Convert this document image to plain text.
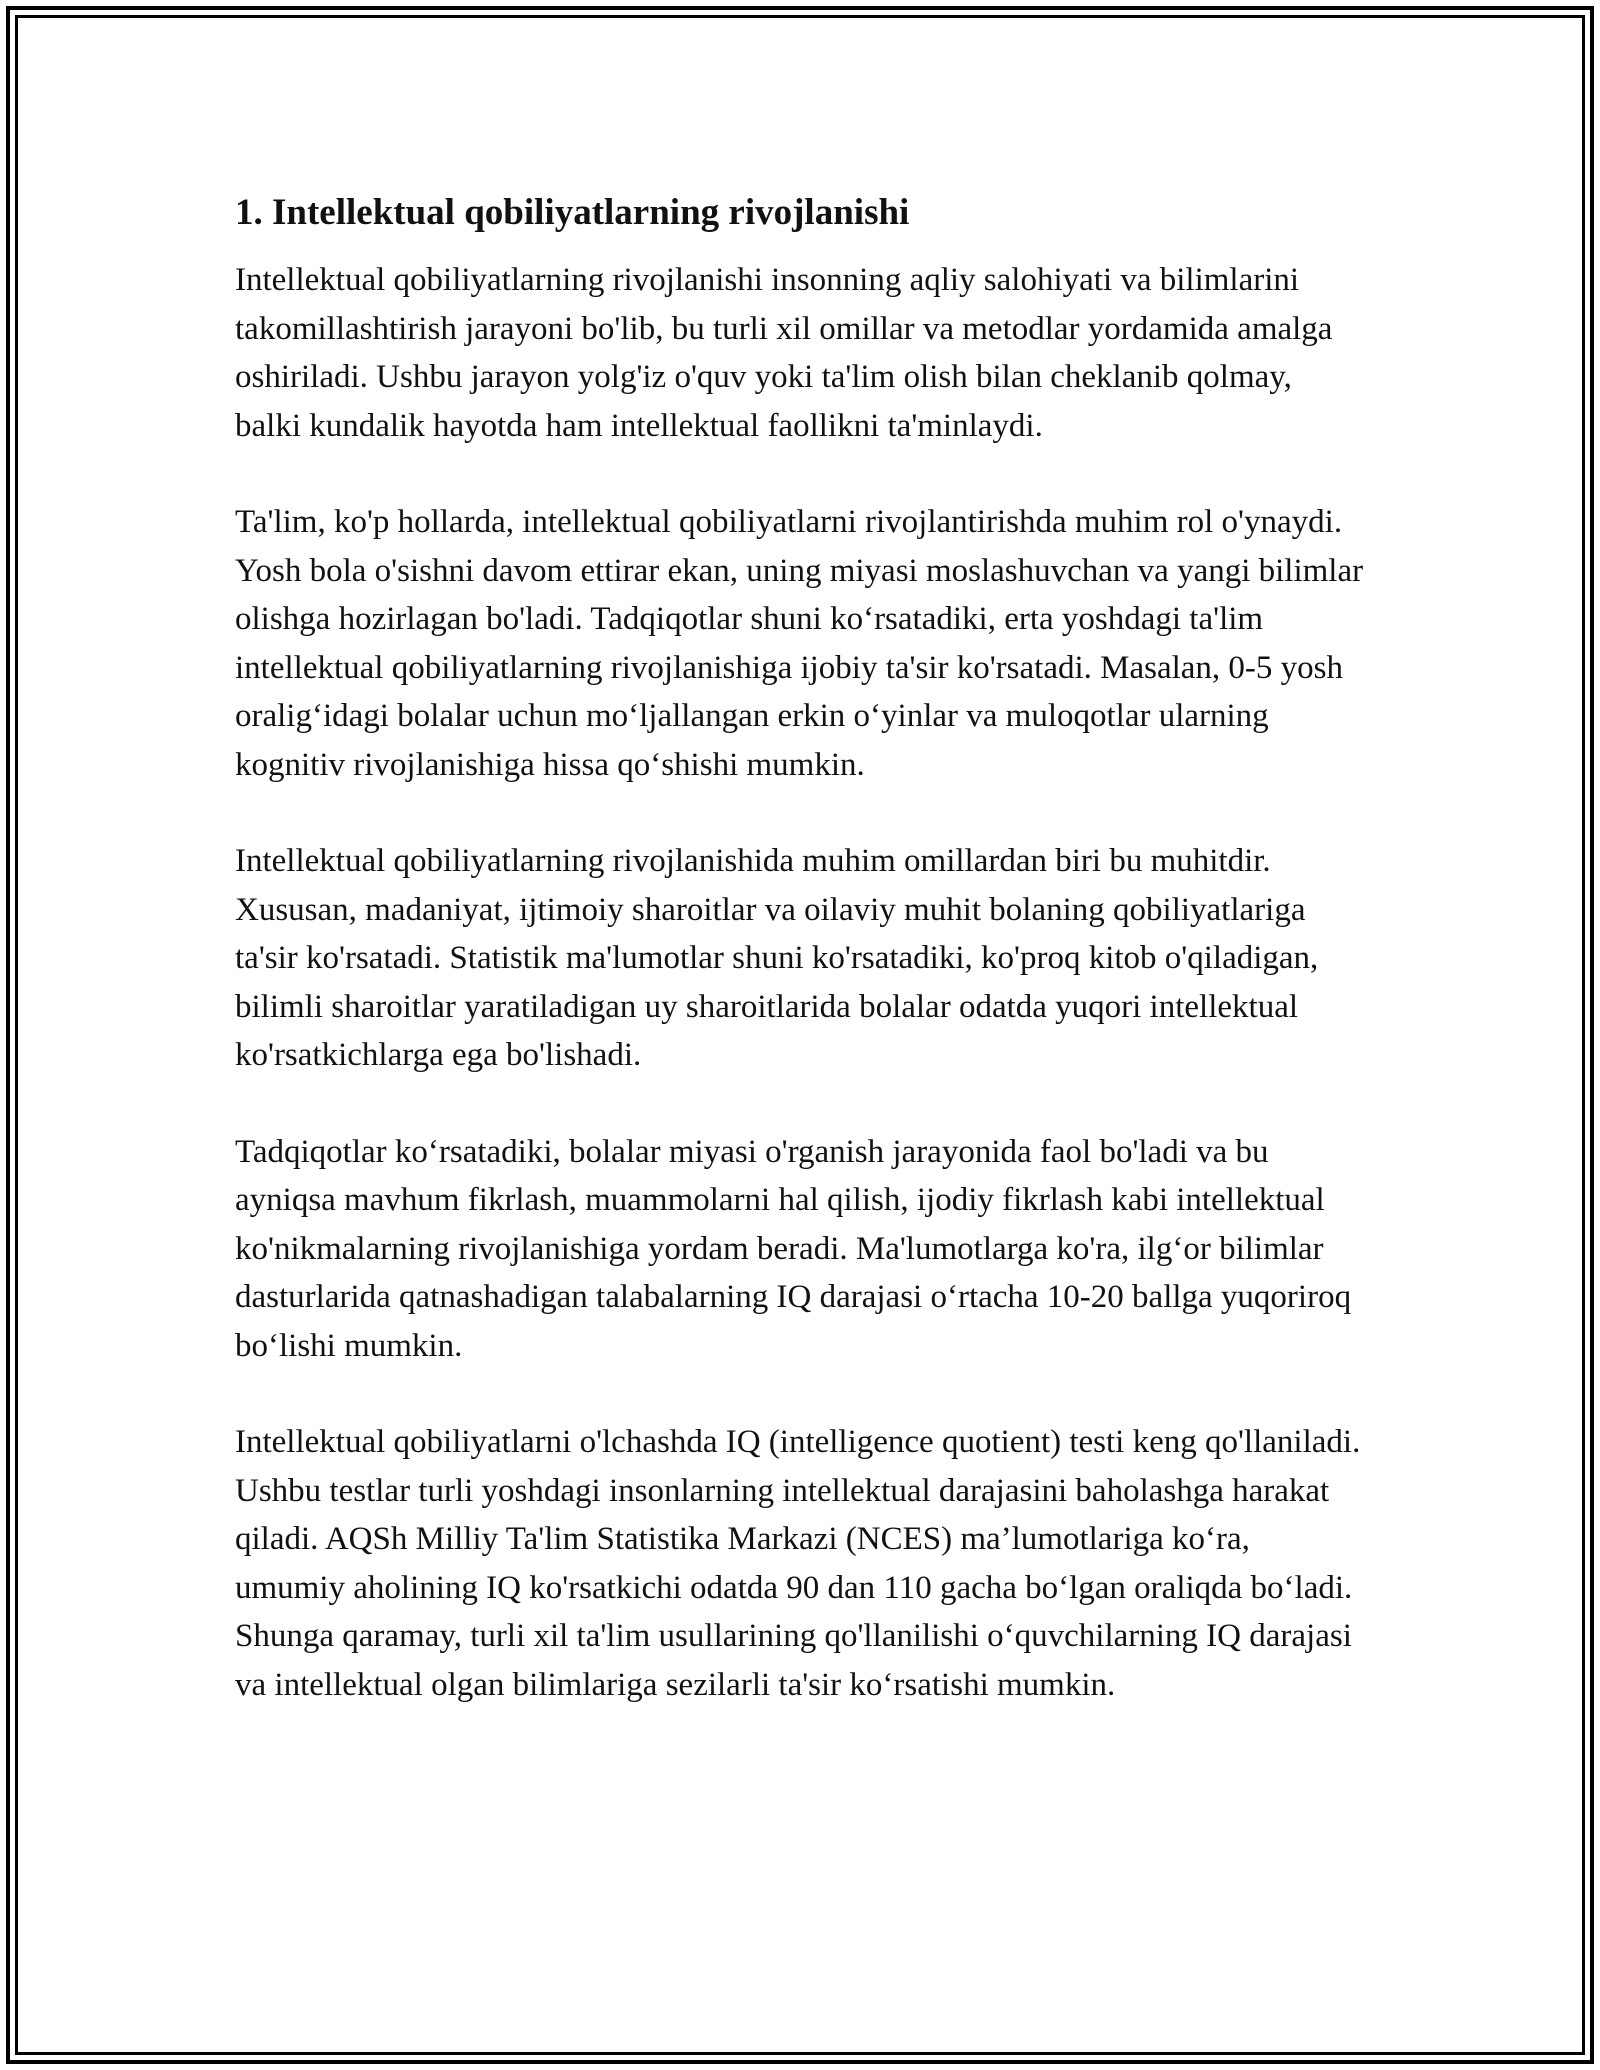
1. Intellektual qobiliyatlarning rivojlanishi

Intellektual qobiliyatlarning rivojlanishi insonning aqliy salohiyati va bilimlarini takomillashtirish jarayoni bo'lib, bu turli xil omillar va metodlar yordamida amalga oshiriladi. Ushbu jarayon yolg'iz o'quv yoki ta'lim olish bilan cheklanib qolmay, balki kundalik hayotda ham intellektual faollikni ta'minlaydi.

Ta'lim, ko'p hollarda, intellektual qobiliyatlarni rivojlantirishda muhim rol o'ynaydi. Yosh bola o'sishni davom ettirar ekan, uning miyasi moslashuvchan va yangi bilimlar olishga hozirlagan bo'ladi. Tadqiqotlar shuni ko‘rsatadiki, erta yoshdagi ta'lim intellektual qobiliyatlarning rivojlanishiga ijobiy ta'sir ko'rsatadi. Masalan, 0-5 yosh oralig‘idagi bolalar uchun mo‘ljallangan erkin o‘yinlar va muloqotlar ularning kognitiv rivojlanishiga hissa qo‘shishi mumkin.

Intellektual qobiliyatlarning rivojlanishida muhim omillardan biri bu muhitdir. Xususan, madaniyat, ijtimoiy sharoitlar va oilaviy muhit bolaning qobiliyatlariga ta'sir ko'rsatadi. Statistik ma'lumotlar shuni ko'rsatadiki, ko'proq kitob o'qiladigan, bilimli sharoitlar yaratiladigan uy sharoitlarida bolalar odatda yuqori intellektual ko'rsatkichlarga ega bo'lishadi.

Tadqiqotlar ko‘rsatadiki, bolalar miyasi o'rganish jarayonida faol bo'ladi va bu ayniqsa mavhum fikrlash, muammolarni hal qilish, ijodiy fikrlash kabi intellektual ko'nikmalarning rivojlanishiga yordam beradi. Ma'lumotlarga ko'ra, ilg‘or bilimlar dasturlarida qatnashadigan talabalarning IQ darajasi o‘rtacha 10-20 ballga yuqoriroq bo‘lishi mumkin.

Intellektual qobiliyatlarni o'lchashda IQ (intelligence quotient) testi keng qo'llaniladi. Ushbu testlar turli yoshdagi insonlarning intellektual darajasini baholashga harakat qiladi. AQSh Milliy Ta'lim Statistika Markazi (NCES) ma’lumotlariga ko‘ra, umumiy aholining IQ ko'rsatkichi odatda 90 dan 110 gacha bo‘lgan oraliqda bo‘ladi. Shunga qaramay, turli xil ta'lim usullarining qo'llanilishi o‘quvchilarning IQ darajasi va intellektual olgan bilimlariga sezilarli ta'sir ko‘rsatishi mumkin.
